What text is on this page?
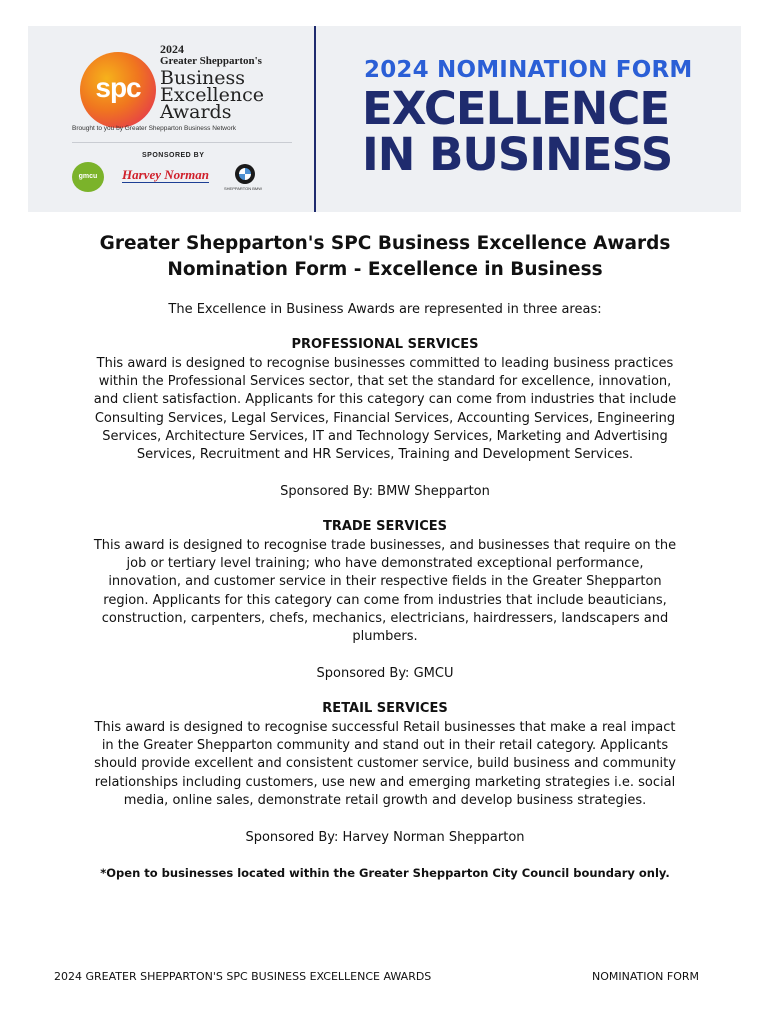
spc
2024
Greater Shepparton's
Business
Excellence
Awards
Brought to you by Greater Shepparton Business Network
SPONSORED BY
gmcu	Harvey Norman
SHEPPARTON BMW
2024 NOMINATION FORM
EXCELLENCE
IN BUSINESS
Greater Shepparton's SPC Business Excellence Awards
Nomination Form - Excellence in Business
The Excellence in Business Awards are represented in three areas:
PROFESSIONAL SERVICES
This award is designed to recognise businesses committed to leading business practices
within the Professional Services sector, that set the standard for excellence, innovation,
and client satisfaction. Applicants for this category can come from industries that include
Consulting Services, Legal Services, Financial Services, Accounting Services, Engineering
Services, Architecture Services, IT and Technology Services, Marketing and Advertising
Services, Recruitment and HR Services, Training and Development Services.
Sponsored By: BMW Shepparton
TRADE SERVICES
This award is designed to recognise trade businesses, and businesses that require on the
job or tertiary level training; who have demonstrated exceptional performance,
innovation, and customer service in their respective fields in the Greater Shepparton
region. Applicants for this category can come from industries that include beauticians,
construction, carpenters, chefs, mechanics, electricians, hairdressers, landscapers and
plumbers.
Sponsored By: GMCU
RETAIL SERVICES
This award is designed to recognise successful Retail businesses that make a real impact
in the Greater Shepparton community and stand out in their retail category. Applicants
should provide excellent and consistent customer service, build business and community
relationships including customers, use new and emerging marketing strategies i.e. social
media, online sales, demonstrate retail growth and develop business strategies.
Sponsored By: Harvey Norman Shepparton
*Open to businesses located within the Greater Shepparton City Council boundary only.
2024 GREATER SHEPPARTON'S SPC BUSINESS EXCELLENCE AWARDS	NOMINATION FORM
